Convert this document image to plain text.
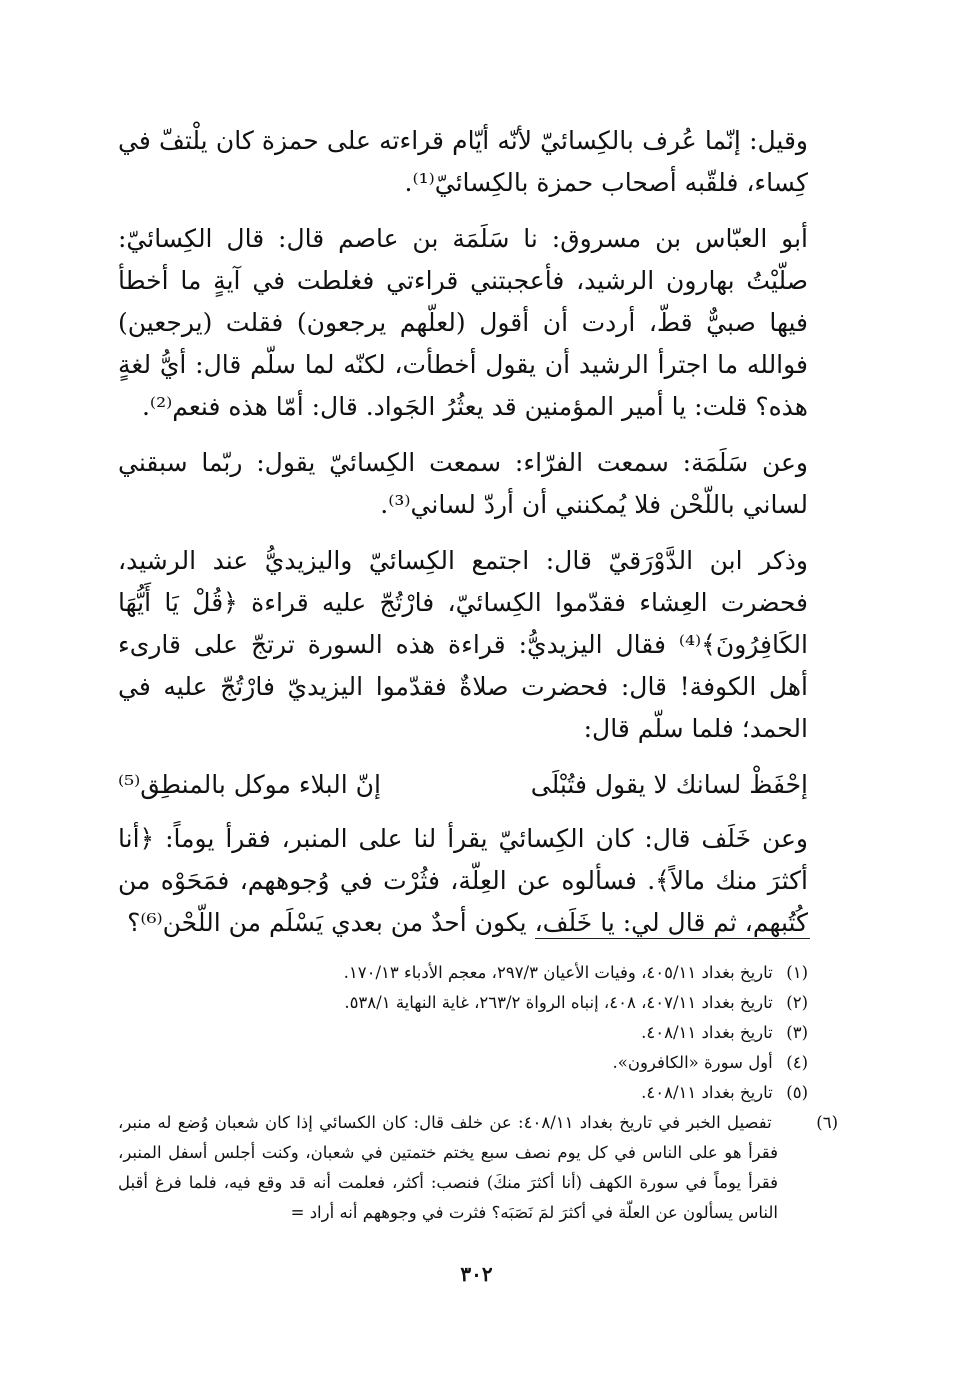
وقيل: إنّما عُرف بالكِسائيّ لأنّه أيّام قراءته على حمزة كان يلْتفّ في كِساء، فلقّبه أصحاب حمزة بالكِسائيّ⁽¹⁾.

أبو العبّاس بن مسروق: نا سَلَمَة بن عاصم قال: قال الكِسائيّ: صلّيْتُ بهارون الرشيد، فأعجبتني قراءتي فغلطت في آيةٍ ما أخطأ فيها صبيٌّ قطّ، أردت أن أقول (لعلّهم يرجعون) فقلت (يرجعين) فوالله ما اجترأ الرشيد أن يقول أخطأت، لكنّه لما سلّم قال: أيُّ لغةٍ هذه؟ قلت: يا أمير المؤمنين قد يعثُرُ الجَواد. قال: أمّا هذه فنعم⁽²⁾.

وعن سَلَمَة: سمعت الفرّاء: سمعت الكِسائيّ يقول: ربّما سبقني لساني باللّحْن فلا يُمكنني أن أردّ لساني⁽³⁾.

وذكر ابن الدَّوْرَقيّ قال: اجتمع الكِسائيّ واليزيديُّ عند الرشيد، فحضرت العِشاء فقدّموا الكِسائيّ، فارْتُجّ عليه قراءة ﴿قُلْ يَا أَيُّهَا الكَافِرُونَ﴾⁽⁴⁾ فقال اليزيديُّ: قراءة هذه السورة ترتجّ على قارىء أهل الكوفة! قال: فحضرت صلاةٌ فقدّموا اليزيديّ فارْتُجّ عليه في الحمد؛ فلما سلّم قال:

إحْفَظْ لسانك لا يقول فتُبْلَى
إنّ البلاء موكل بالمنطِق⁽⁵⁾

وعن خَلَف قال: كان الكِسائيّ يقرأ لنا على المنبر، فقرأ يوماً: ﴿أنا أكثرَ منك مالاً﴾. فسألوه عن العِلّة، فثُرْت في وُجوههم، فمَحَوْه من كُتُبهم، ثم قال لي: يا خَلَف، يكون أحدٌ من بعدي يَسْلَم من اللّحْن⁽⁶⁾؟

(١) تاريخ بغداد ٤٠٥/١١، وفيات الأعيان ٢٩٧/٣، معجم الأدباء ١٧٠/١٣.

(٢) تاريخ بغداد ٤٠٧/١١، ٤٠٨، إنباه الرواة ٢٦٣/٢، غاية النهاية ٥٣٨/١.

(٣) تاريخ بغداد ٤٠٨/١١.

(٤) أول سورة «الكافرون».

(٥) تاريخ بغداد ٤٠٨/١١.

(٦) تفصيل الخبر في تاريخ بغداد ٤٠٨/١١: عن خلف قال: كان الكسائي إذا كان شعبان وُضع له منبر، فقرأ هو على الناس في كل يوم نصف سبع يختم ختمتين في شعبان، وكنت أجلس أسفل المنبر، فقرأ يوماً في سورة الكهف (أنا أكثرَ منكَ) فنصب: أكثر، فعلمت أنه قد وقع فيه، فلما فرغ أقبل الناس يسألون عن العلّة في أكثرَ لمَ نَصَبَه؟ فثرت في وجوههم أنه أراد =

٣٠٢
